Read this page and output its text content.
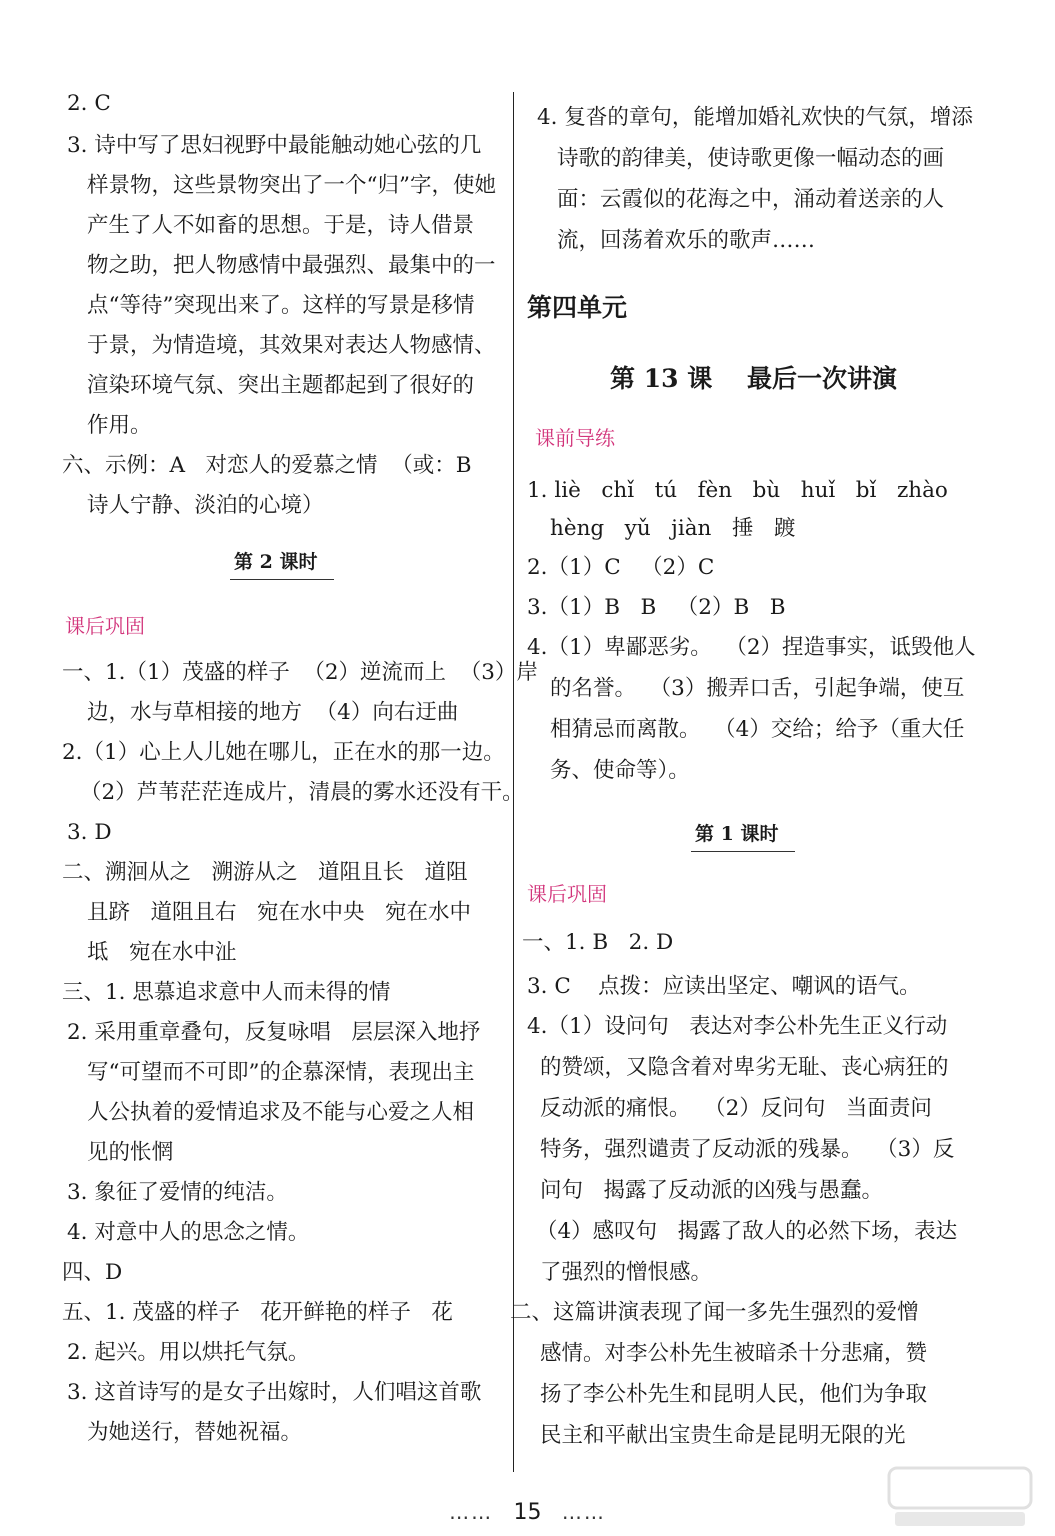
2. C
3. 诗中写了思妇视野中最能触动她心弦的几
样景物，这些景物突出了一个“归”字，使她
产生了人不如畜的思想。于是，诗人借景
物之助，把人物感情中最强烈、最集中的一
点“等待”突现出来了。这样的写景是移情
于景，为情造境，其效果对表达人物感情、
渲染环境气氛、突出主题都起到了很好的
作用。
六、示例：A   对恋人的爱慕之情  （或：B
诗人宁静、淡泊的心境）
第 2 课时
课后巩固
一、1.（1）茂盛的样子  （2）逆流而上  （3）岸
边，水与草相接的地方  （4）向右迂曲
2.（1）心上人儿她在哪儿，正在水的那一边。
（2）芦苇茫茫连成片，清晨的雾水还没有干。
3. D
二、溯洄从之   溯游从之   道阻且长   道阻
且跻   道阻且右   宛在水中央   宛在水中
坻   宛在水中沚
三、1. 思慕追求意中人而未得的情
2. 采用重章叠句，反复咏唱   层层深入地抒
写“可望而不可即”的企慕深情，表现出主
人公执着的爱情追求及不能与心爱之人相
见的怅惘
3. 象征了爱情的纯洁。
4. 对意中人的思念之情。
四、D
五、1. 茂盛的样子   花开鲜艳的样子   花
2. 起兴。用以烘托气氛。
3. 这首诗写的是女子出嫁时，人们唱这首歌
为她送行，替她祝福。
4. 复沓的章句，能增加婚礼欢快的气氛，增添
诗歌的韵律美，使诗歌更像一幅动态的画
面：云霞似的花海之中，涌动着送亲的人
流，回荡着欢乐的歌声……
第四单元
第 13 课    最后一次讲演
课前导练
1. liè   chǐ   tú   fèn   bù   huǐ   bǐ   zhào
hèng   yǔ   jiàn   捶   踱
2.（1）C   （2）C
3.（1）B   B   （2）B   B
4.（1）卑鄙恶劣。  （2）捏造事实，诋毁他人
的名誉。  （3）搬弄口舌，引起争端，使互
相猜忌而离散。  （4）交给；给予（重大任
务、使命等）。
第 1 课时
课后巩固
一、1. B   2. D
3. C    点拨：应读出坚定、嘲讽的语气。
4.（1）设问句   表达对李公朴先生正义行动
的赞颂，又隐含着对卑劣无耻、丧心病狂的
反动派的痛恨。  （2）反问句   当面责问
特务，强烈谴责了反动派的残暴。  （3）反
问句   揭露了反动派的凶残与愚蠢。
（4）感叹句   揭露了敌人的必然下场，表达
了强烈的憎恨感。
二、这篇讲演表现了闻一多先生强烈的爱憎
感情。对李公朴先生被暗杀十分悲痛，赞
扬了李公朴先生和昆明人民，他们为争取
民主和平献出宝贵生命是昆明无限的光
…… 15 ……
